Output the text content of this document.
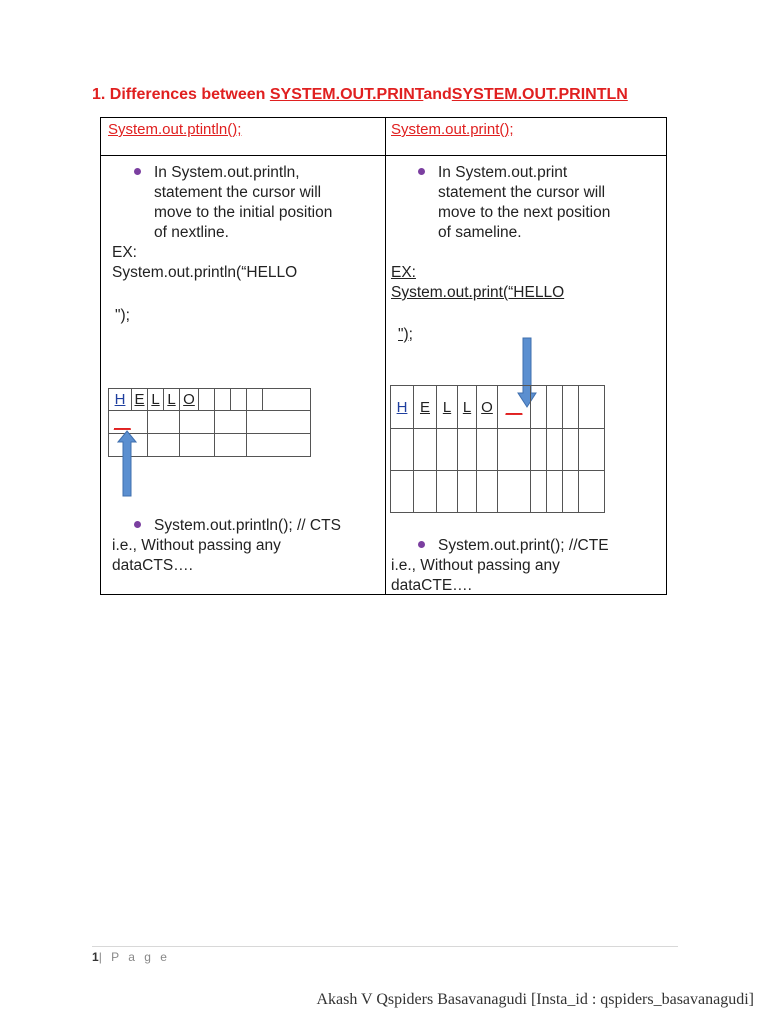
1. Differences between SYSTEM.OUT.PRINTandSYSTEM.OUT.PRINTLN
System.out.ptintln();	System.out.print();
In System.out.println,
statement the cursor will
move to the initial position
of nextline.
EX:
System.out.println(“HELLO
");
H	E	L	L	O					
__									

System.out.println(); // CTS
i.e., Without passing any
dataCTS….
In System.out.print
statement the cursor will
move to the next position
of sameline.
EX:
System.out.print(“HELLO
");
H	E	L	L	O	__				

System.out.print(); //CTE
i.e., Without passing any
dataCTE….
1| P a g e
Akash V Qspiders Basavanagudi [Insta_id : qspiders_basavanagudi]
